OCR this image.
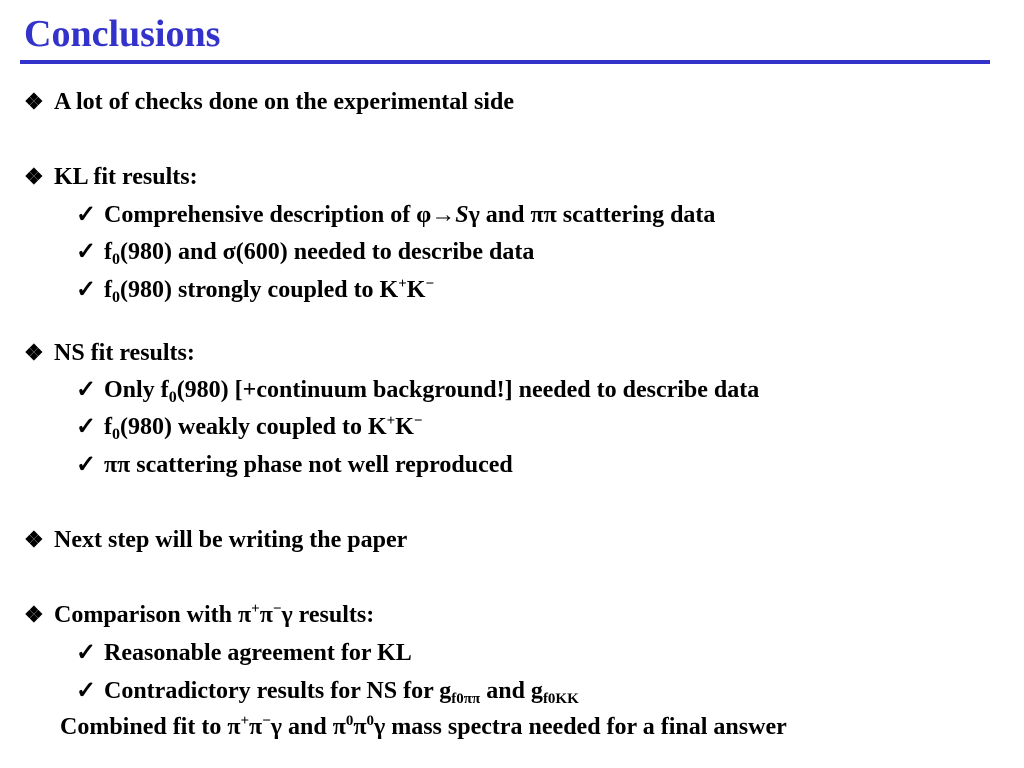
Conclusions
❖ A lot of checks done on the experimental side
❖ KL fit results:
✓ Comprehensive description of φ→Sγ and ππ scattering data
✓ $f_0(980)$ and σ(600) needed to describe data
✓ $f_0(980)$ strongly coupled to K+K−
❖ NS fit results:
✓ Only $f_0(980)$ [+continuum background!] needed to describe data
✓ $f_0(980)$ weakly coupled to K+K−
✓ ππ scattering phase not well reproduced
❖ Next step will be writing the paper
❖ Comparison with π+π−γ results:
✓ Reasonable agreement for KL
✓ Contradictory results for NS for $g_{f0\pi\pi}$ and $g_{f0KK}$
Combined fit to π+π−γ and $\pi^0\pi^0\gamma$ mass spectra needed for a final answer
